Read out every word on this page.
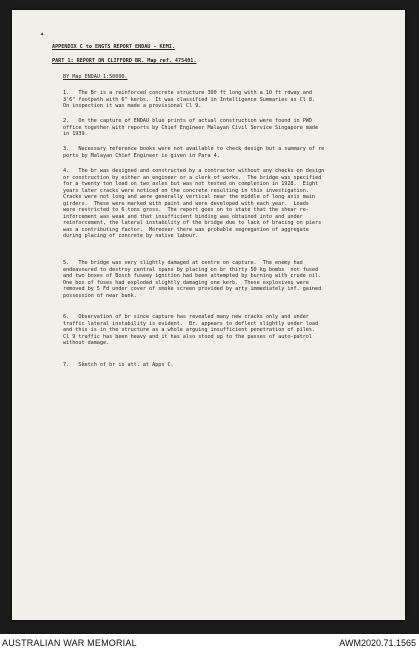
✦
APPENDIX C to ENGTS REPORT ENDAU - KEMI.
PART 1: REPORT ON CLIFFORD BR. Map ref. 475401.
BY Map ENDAU 1:50000.
1.   The Br is a reinforced concrete structure 300 ft long with a 10 ft rdway and
3'6" footpath with 6" kerbs.  It was classified in Intelligence Summaries as Cl 8.
On inspection it was made a provisional Cl 9.
2.   On the capture of ENDAU blue prints of actual construction were found in PWD
office together with reports by Chief Engineer Malayan Civil Service Singapore made
in 1939.
3.   Necessary reference books were not available to check design but a summary of re
ports by Malayan Chief Engineer is given in Para 4.
4.   The br was designed and constructed by a contractor without any checks on design
or construction by either an engineer or a clerk of works.  The bridge was specified
for a twenty ton load on two axles but was not tested on completion in 1928.  Eight
years later cracks were noticed on the concrete resulting in this investigation.
Cracks were not long and were generally vertical near the middle of long axis main
girders.  These were marked with paint and were developed with each year.  Loads
were restricted to 6 tons gross.  The report goes on to state that the shear re-
inforcement was weak and that insufficient binding was obtained into and under
reinforcement, the lateral instability of the bridge due to lack of bracing on piers
was a contributing factor.  Moreover there was probable segregation of aggregate
during placing of concrete by native labour.
5.   The bridge was very slightly damaged at centre on capture.  The enemy had
endeavoured to destroy central spans by placing on br thirty 50 kg bombs  not fused
and two boxes of Bosch fuseey ignition had been attempted by burning with crude oil.
One box of fuses had exploded slightly damaging one kerb.  These explosives were
removed by 5 Fd under cover of smoke screen provided by arty immediately inf. gained
possession of near bank.
6.   Observation of br since capture has revealed many new cracks only and under
traffic lateral instability is evident.  Br. appears to deflect slightly under load
and this is in the structure as a whole arguing insufficient penetration of piles.
Cl 9 traffic has been heavy and it has also stood up to the passes of auto-patrol
without damage.
7.   Sketch of br is att. at Appx C.
AUSTRALIAN WAR MEMORIAL	AWM2020.71.1565
